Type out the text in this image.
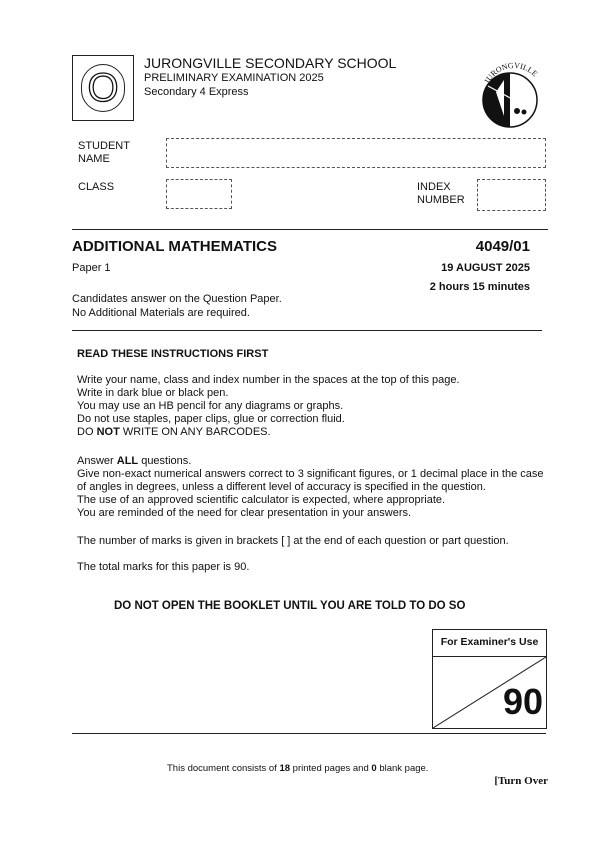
O
JURONGVILLE SECONDARY SCHOOL
PRELIMINARY EXAMINATION 2025
Secondary 4 Express
JURONGVILLE
STUDENT
NAME
CLASS	INDEX
NUMBER
ADDITIONAL MATHEMATICS	4049/01
Paper 1	19 AUGUST 2025
2 hours 15 minutes
Candidates answer on the Question Paper.
No Additional Materials are required.
READ THESE INSTRUCTIONS FIRST
Write your name, class and index number in the spaces at the top of this page.
Write in dark blue or black pen.
You may use an HB pencil for any diagrams or graphs.
Do not use staples, paper clips, glue or correction fluid.
DO NOT WRITE ON ANY BARCODES.
Answer ALL questions.
Give non-exact numerical answers correct to 3 significant figures, or 1 decimal place in the case
of angles in degrees, unless a different level of accuracy is specified in the question.
The use of an approved scientific calculator is expected, where appropriate.
You are reminded of the need for clear presentation in your answers.
The number of marks is given in brackets [ ] at the end of each question or part question.
The total marks for this paper is 90.
DO NOT OPEN THE BOOKLET UNTIL YOU ARE TOLD TO DO SO
For Examiner's Use
90
This document consists of 18 printed pages and 0 blank page.
[Turn Over
